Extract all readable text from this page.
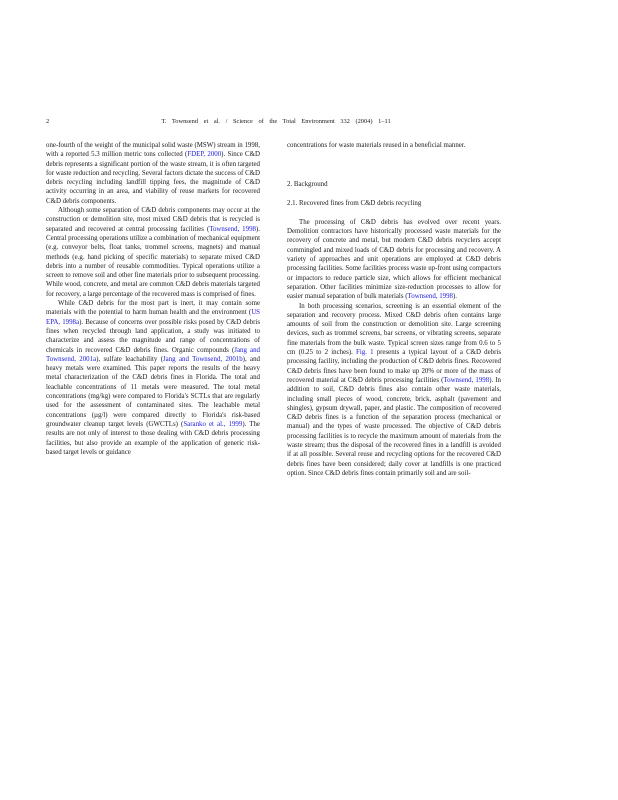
2	T. Townsend et al. / Science of the Total Environment 332 (2004) 1–11

one-fourth of the weight of the municipal solid waste (MSW) stream in 1998, with a reported 5.3 million metric tons collected (FDEP, 2000). Since C&D debris represents a significant portion of the waste stream, it is often targeted for waste reduction and recycling. Several factors dictate the success of C&D debris recycling including landfill tipping fees, the magnitude of C&D activity occurring in an area, and viability of reuse markets for recovered C&D debris components.

Although some separation of C&D debris components may occur at the construction or demolition site, most mixed C&D debris that is recycled is separated and recovered at central processing facilities (Townsend, 1998). Central processing operations utilize a combination of mechanical equipment (e.g. conveyor belts, float tanks, trommel screens, magnets) and manual methods (e.g. hand picking of specific materials) to separate mixed C&D debris into a number of reusable commodities. Typical operations utilize a screen to remove soil and other fine materials prior to subsequent processing. While wood, concrete, and metal are common C&D debris materials targeted for recovery, a large percentage of the recovered mass is comprised of fines.

While C&D debris for the most part is inert, it may contain some materials with the potential to harm human health and the environment (US EPA, 1998a). Because of concerns over possible risks posed by C&D debris fines when recycled through land application, a study was initiated to characterize and assess the magnitude and range of concentrations of chemicals in recovered C&D debris fines. Organic compounds (Jang and Townsend, 2001a), sulfate leachability (Jang and Townsend, 2001b), and heavy metals were examined. This paper reports the results of the heavy metal characterization of the C&D debris fines in Florida. The total and leachable concentrations of 11 metals were measured. The total metal concentrations (mg/kg) were compared to Florida's SCTLs that are regularly used for the assessment of contaminated sites. The leachable metal concentrations (µg/l) were compared directly to Florida's risk-based groundwater cleanup target levels (GWCTLs) (Saranko et al., 1999). The results are not only of interest to those dealing with C&D debris processing facilities, but also provide an example of the application of generic risk-based target levels or guidance

concentrations for waste materials reused in a beneficial manner.

2. Background
2.1. Recovered fines from C&D debris recycling

The processing of C&D debris has evolved over recent years. Demolition contractors have historically processed waste materials for the recovery of concrete and metal, but modern C&D debris recyclers accept commingled and mixed loads of C&D debris for processing and recovery. A variety of approaches and unit operations are employed at C&D debris processing facilities. Some facilities process waste up-front using compactors or impactors to reduce particle size, which allows for efficient mechanical separation. Other facilities minimize size-reduction processes to allow for easier manual separation of bulk materials (Townsend, 1998).

In both processing scenarios, screening is an essential element of the separation and recovery process. Mixed C&D debris often contains large amounts of soil from the construction or demolition site. Large screening devices, such as trommel screens, bar screens, or vibrating screens, separate fine materials from the bulk waste. Typical screen sizes range from 0.6 to 5 cm (0.25 to 2 inches). Fig. 1 presents a typical layout of a C&D debris processing facility, including the production of C&D debris fines. Recovered C&D debris fines have been found to make up 20% or more of the mass of recovered material at C&D debris processing facilities (Townsend, 1998). In addition to soil, C&D debris fines also contain other waste materials, including small pieces of wood, concrete, brick, asphalt (pavement and shingles), gypsum drywall, paper, and plastic. The composition of recovered C&D debris fines is a function of the separation process (mechanical or manual) and the types of waste processed. The objective of C&D debris processing facilities is to recycle the maximum amount of materials from the waste stream; thus the disposal of the recovered fines in a landfill is avoided if at all possible. Several reuse and recycling options for the recovered C&D debris fines have been considered; daily cover at landfills is one practiced option. Since C&D debris fines contain primarily soil and are soil-
